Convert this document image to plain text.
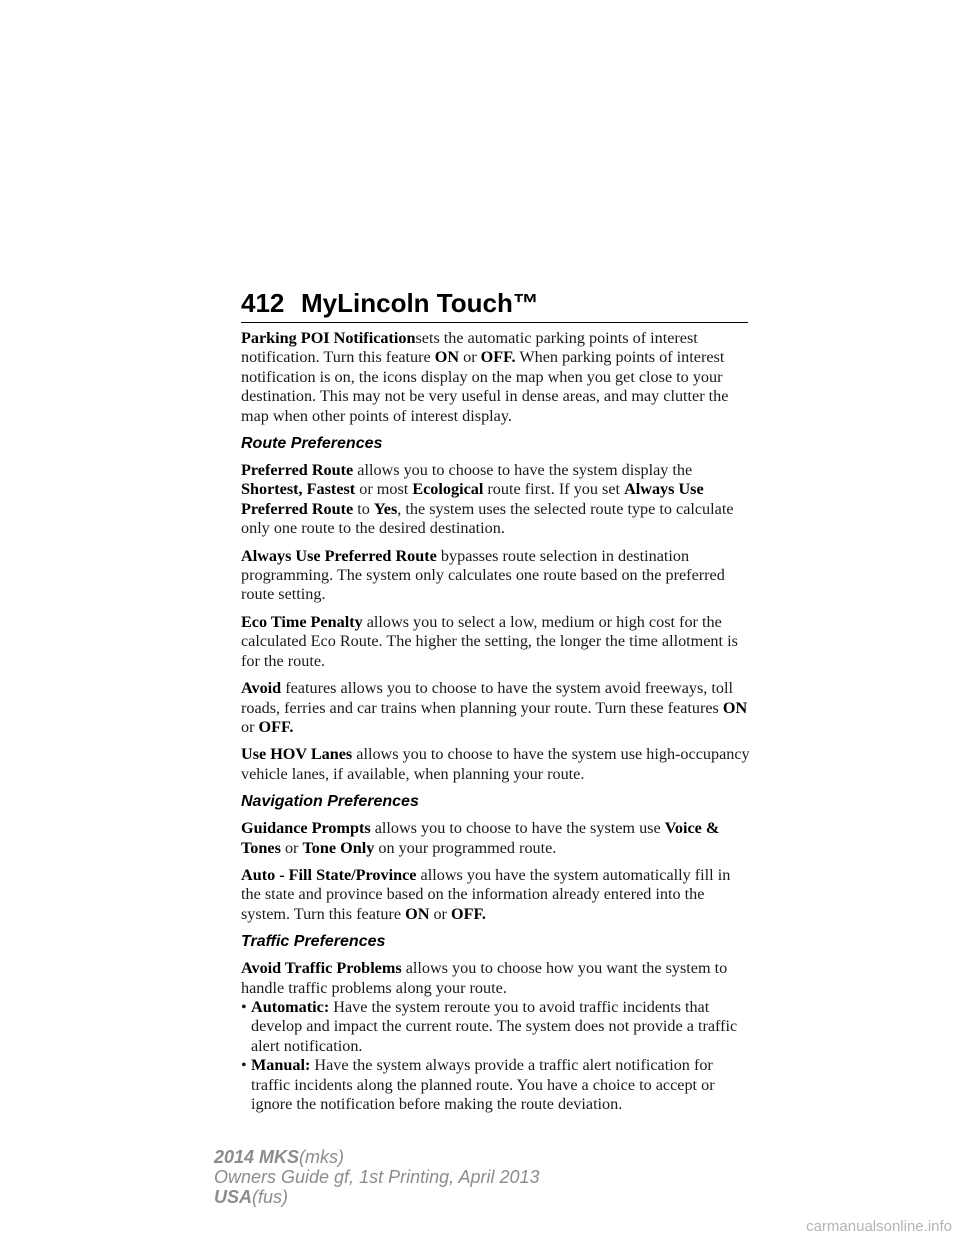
412 MyLincoln Touch™

Parking POI Notificationsets the automatic parking points of interest notification. Turn this feature ON or OFF. When parking points of interest notification is on, the icons display on the map when you get close to your destination. This may not be very useful in dense areas, and may clutter the map when other points of interest display.

Route Preferences

Preferred Route allows you to choose to have the system display the Shortest, Fastest or most Ecological route first. If you set Always Use Preferred Route to Yes, the system uses the selected route type to calculate only one route to the desired destination.

Always Use Preferred Route bypasses route selection in destination programming. The system only calculates one route based on the preferred route setting.

Eco Time Penalty allows you to select a low, medium or high cost for the calculated Eco Route. The higher the setting, the longer the time allotment is for the route.

Avoid features allows you to choose to have the system avoid freeways, toll roads, ferries and car trains when planning your route. Turn these features ON or OFF.

Use HOV Lanes allows you to choose to have the system use high-occupancy vehicle lanes, if available, when planning your route.

Navigation Preferences

Guidance Prompts allows you to choose to have the system use Voice & Tones or Tone Only on your programmed route.

Auto - Fill State/Province allows you have the system automatically fill in the state and province based on the information already entered into the system. Turn this feature ON or OFF.

Traffic Preferences

Avoid Traffic Problems allows you to choose how you want the system to handle traffic problems along your route.

• Automatic: Have the system reroute you to avoid traffic incidents that develop and impact the current route. The system does not provide a traffic alert notification.
• Manual: Have the system always provide a traffic alert notification for traffic incidents along the planned route. You have a choice to accept or ignore the notification before making the route deviation.
2014 MKS(mks)
Owners Guide gf, 1st Printing, April 2013
USA(fus)
carmanualsonline.info
